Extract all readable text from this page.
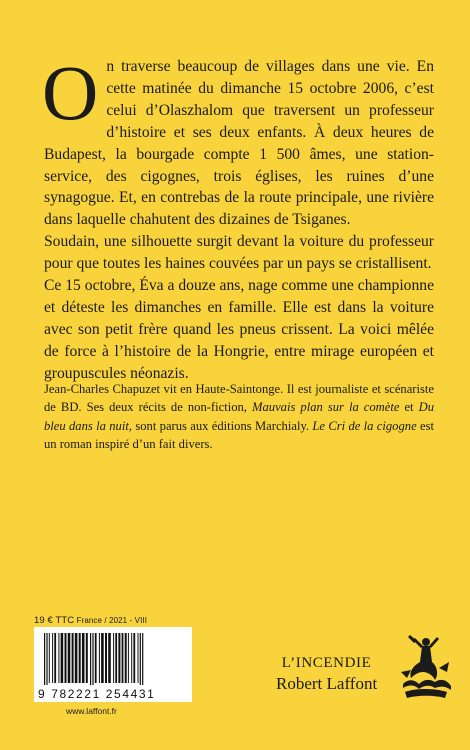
On traverse beaucoup de villages dans une vie. En cette matinée du dimanche 15 octobre 2006, c’est celui d’Olaszhalom que traversent un professeur d’histoire et ses deux enfants. À deux heures de Budapest, la bourgade compte 1 500 âmes, une station-service, des cigognes, trois églises, les ruines d’une synagogue. Et, en contrebas de la route principale, une rivière dans laquelle chahutent des dizaines de Tsiganes.
Soudain, une silhouette surgit devant la voiture du professeur pour que toutes les haines couvées par un pays se cristallisent.
Ce 15 octobre, Éva a douze ans, nage comme une championne et déteste les dimanches en famille. Elle est dans la voiture avec son petit frère quand les pneus crissent. La voici mêlée de force à l’histoire de la Hongrie, entre mirage européen et groupuscules néonazis.

Jean-Charles Chapuzet vit en Haute-Saintonge. Il est journaliste et scénariste de BD. Ses deux récits de non-fiction, Mauvais plan sur la comète et Du bleu dans la nuit, sont parus aux éditions Marchialy. Le Cri de la cigogne est un roman inspiré d’un fait divers.

19 € TTC France / 2021 - VIII
9 782221 254431
www.laffont.fr
L’INCENDIE
Robert Laffont
